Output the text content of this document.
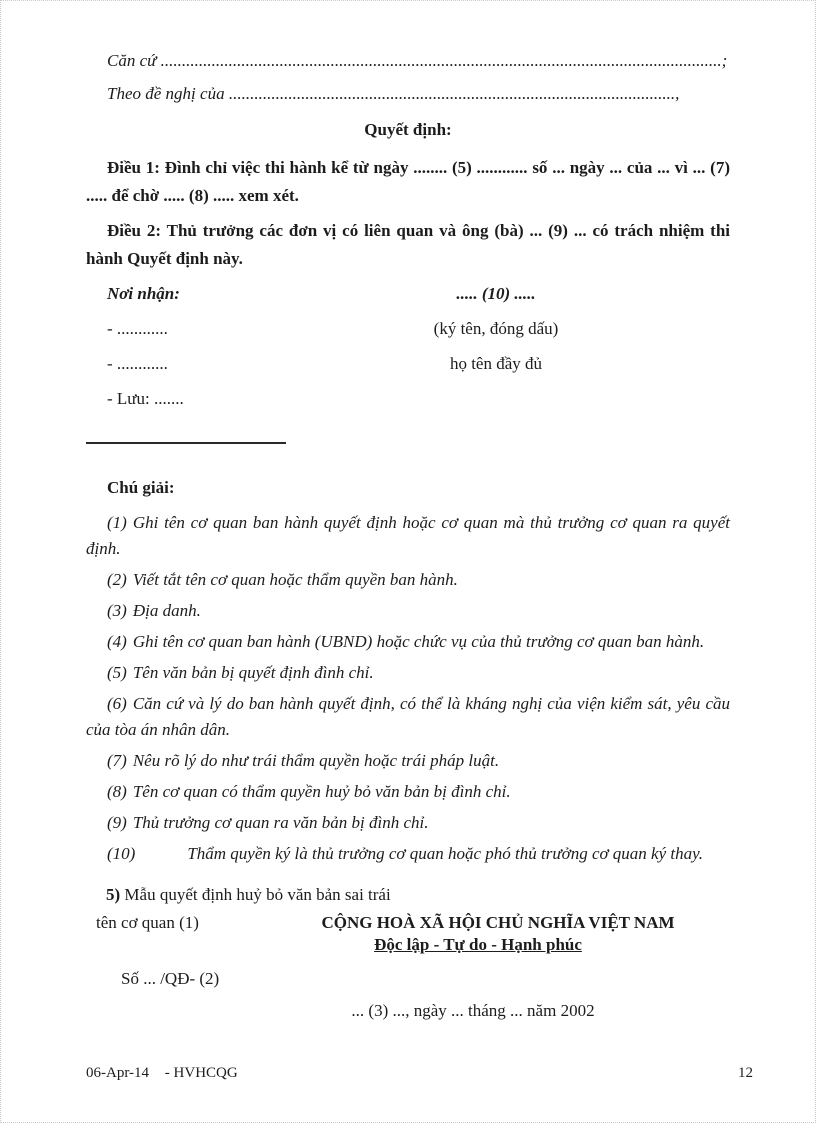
Căn cứ ....................................................................................................................................;

Theo đề nghị của .........................................................................................................,

Quyết định:

Điều 1: Đình chỉ việc thi hành kể từ ngày ........ (5) ............ số ... ngày ... của ... vì ... (7) ..... để chờ ..... (8) ..... xem xét.

Điều 2: Thủ trưởng các đơn vị có liên quan và ông (bà) ... (9) ... có trách nhiệm thi hành Quyết định này.

Nơi nhận:

- ............

- ............

- Lưu: .......

..... (10) .....

(ký tên, đóng dấu)

họ tên đầy đủ

Chú giải:

(1) Ghi tên cơ quan ban hành quyết định hoặc cơ quan mà thủ trưởng cơ quan ra quyết định.

(2) Viết tắt tên cơ quan hoặc thẩm quyền ban hành.

(3) Địa danh.

(4) Ghi tên cơ quan ban hành (UBND) hoặc chức vụ của thủ trưởng cơ quan ban hành.

(5) Tên văn bản bị quyết định đình chỉ.

(6) Căn cứ và lý do ban hành quyết định, có thể là kháng nghị của viện kiểm sát, yêu cầu của tòa án nhân dân.

(7) Nêu rõ lý do như trái thẩm quyền hoặc trái pháp luật.

(8) Tên cơ quan có thẩm quyền huỷ bỏ văn bản bị đình chỉ.

(9) Thủ trưởng cơ quan ra văn bản bị đình chỉ.

(10)	Thẩm quyền ký là thủ trưởng cơ quan hoặc phó thủ trưởng cơ quan ký thay.

5) Mẫu quyết định huỷ bỏ văn bản sai trái

tên cơ quan (1)	CỘNG HOÀ XÃ HỘI CHỦ NGHĨA VIỆT NAM
Độc lập - Tự do - Hạnh phúc

Số ... /QĐ- (2)

... (3) ..., ngày ... tháng ... năm 2002

06-Apr-14 - HVHCQG	12
